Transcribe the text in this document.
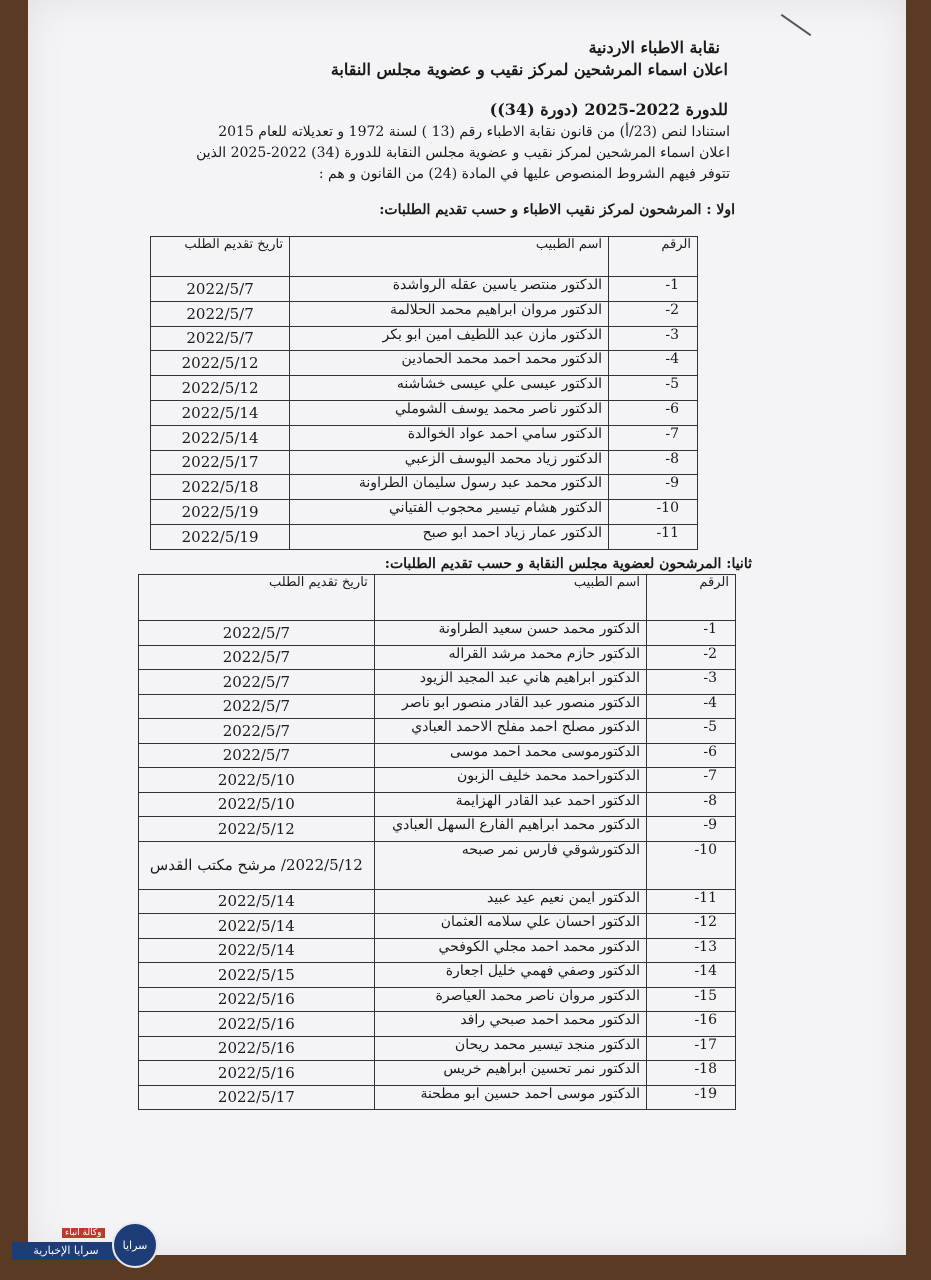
نقابة الاطباء الاردنية
اعلان اسماء المرشحين لمركز نقيب و عضوية مجلس النقابة
للدورة 2022-2025 (دورة (34))
استنادا لنص (23/أ) من قانون نقابة الاطباء رقم (13 ) لسنة 1972 و تعديلاته للعام 2015
اعلان اسماء المرشحين لمركز نقيب و عضوية مجلس النقابة للدورة (34) 2022-2025 الذين
تتوفر فيهم الشروط المنصوص عليها في المادة (24) من القانون و هم :
اولا : المرشحون لمركز نقيب الاطباء و حسب تقديم الطلبات:
الرقم	اسم الطبيب	تاريخ تقديم الطلب
1-	الدكتور منتصر ياسين عقله الرواشدة	2022/5/7
2-	الدكتور مروان ابراهيم محمد الحلالمة	2022/5/7
3-	الدكتور مازن عبد اللطيف امين ابو بكر	2022/5/7
4-	الدكتور محمد احمد محمد الحمادين	2022/5/12
5-	الدكتور عيسى علي عيسى خشاشنه	2022/5/12
6-	الدكتور ناصر محمد يوسف الشوملي	2022/5/14
7-	الدكتور سامي احمد عواد الخوالدة	2022/5/14
8-	الدكتور زياد محمد اليوسف الزعبي	2022/5/17
9-	الدكتور محمد عبد رسول سليمان الطراونة	2022/5/18
10-	الدكتور هشام تيسير محجوب الفتياني	2022/5/19
11-	الدكتور عمار زياد احمد ابو صبح	2022/5/19
ثانيا: المرشحون لعضوية مجلس النقابة و حسب تقديم الطلبات:
الرقم	اسم الطبيب	تاريخ تقديم الطلب
1-	الدكتور محمد حسن سعيد الطراونة	2022/5/7
2-	الدكتور حازم محمد مرشد القراله	2022/5/7
3-	الدكتور ابراهيم هاني عبد المجيد الزيود	2022/5/7
4-	الدكتور منصور عبد القادر منصور ابو ناصر	2022/5/7
5-	الدكتور مصلح احمد مفلح الاحمد العبادي	2022/5/7
6-	الدكتورموسى محمد احمد موسى	2022/5/7
7-	الدكتوراحمد محمد خليف الزبون	2022/5/10
8-	الدكتور احمد عبد القادر الهزايمة	2022/5/10
9-	الدكتور محمد ابراهيم الفارع السهل العبادي	2022/5/12
10-	الدكتورشوقي فارس نمر صبحه	2022/5/12/ مرشح مكتب القدس
11-	الدكتور ايمن نعيم عيد عبيد	2022/5/14
12-	الدكتور احسان علي سلامه العثمان	2022/5/14
13-	الدكتور محمد احمد مجلي الكوفحي	2022/5/14
14-	الدكتور وصفي فهمي خليل اجعارة	2022/5/15
15-	الدكتور مروان ناصر محمد العياصرة	2022/5/16
16-	الدكتور محمد احمد صبحي رافد	2022/5/16
17-	الدكتور منجد تيسير محمد ريحان	2022/5/16
18-	الدكتور نمر تحسين ابراهيم خريس	2022/5/16
19-	الدكتور موسى احمد حسين ابو مطحنة	2022/5/17
سرايا الإخبارية
وكالة أنباء
سرايا
